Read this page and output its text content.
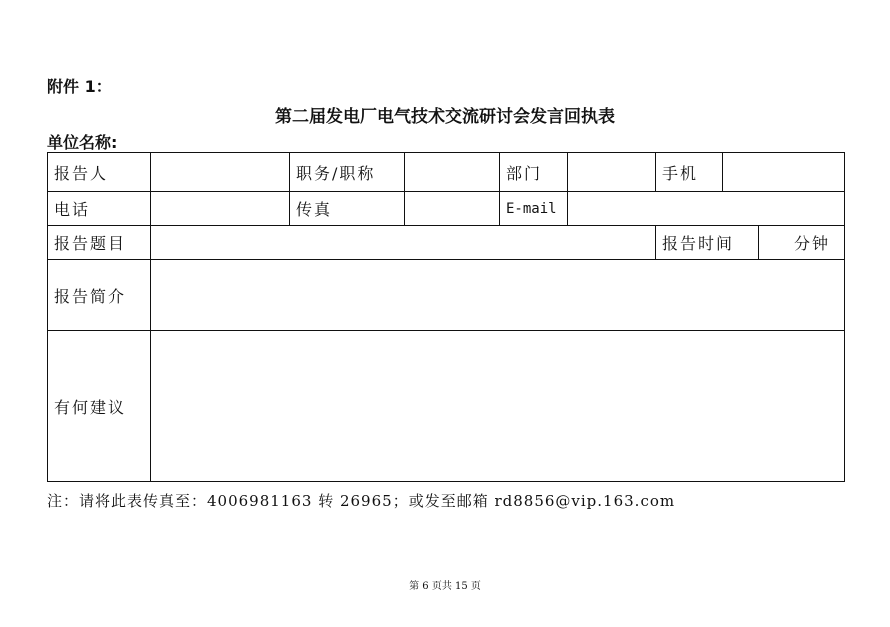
附件 1：
第二届发电厂电气技术交流研讨会发言回执表
单位名称:
报告人		职务/职称		部门		手机		
电话		传真		E-mail				
报告题目						报告时间		分钟
报告简介								
有何建议								
注：请将此表传真至：4006981163 转 26965；或发至邮箱 rd8856@vip.163.com
第 6 页共 15 页
